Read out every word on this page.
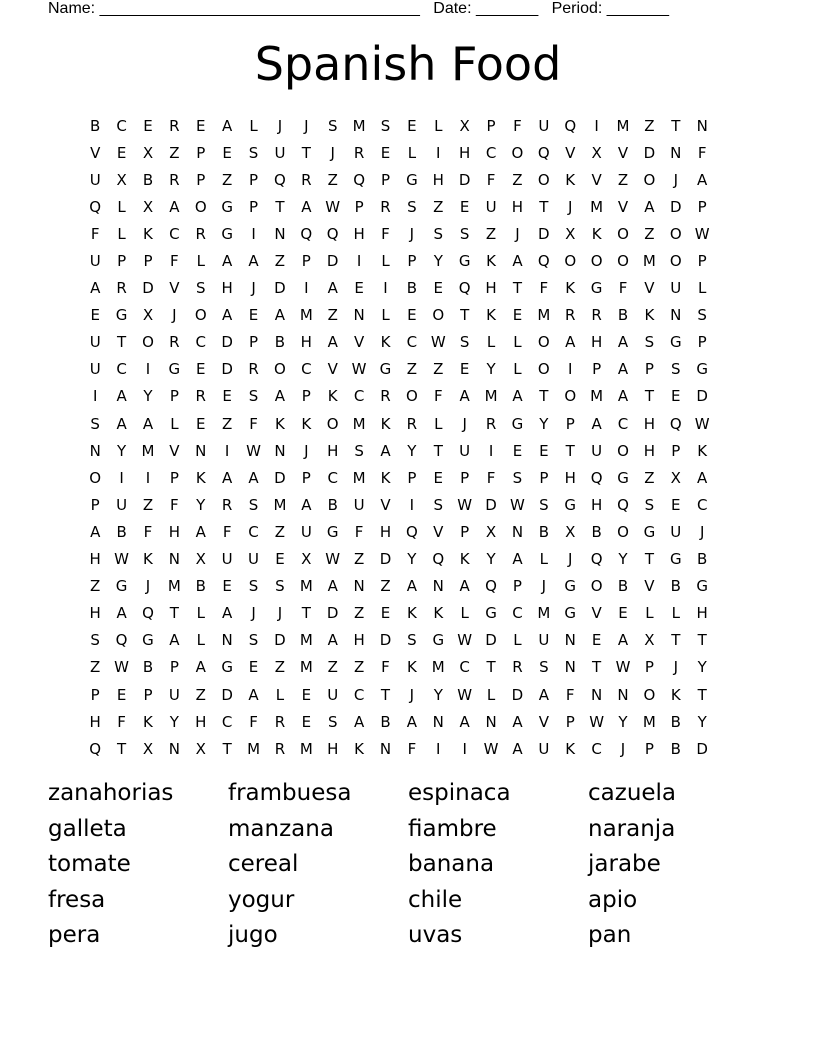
Name: ____________________________________ Date: _______ Period: _______
Spanish Food
B	C	E	R	E	A	L	J	J	S	M	S	E	L	X	P	F	U Q	I	M Z	T	N
V	E	X	Z	P	E	S	U	T	J	R	E	L	I	H	C	O Q	V	X	V	D	N	F
U	X	B	R	P	Z	P	Q	R	Z	Q	P	G H D	F	Z	O	K	V	Z	O	J	A
Q	L	X	A	O G	P	T	A W P	R	S	Z	E	U	H	T	J	M V	A	D	P
F	L	K	C	R	G	I	N Q Q H	F	J	S	S	Z	J	D	X	K	O	Z	O W
U	P	P	F	L	A	A	Z	P	D	I	L	P	Y	G	K	A	Q O O O M O	P
A	R	D	V	S	H	J	D	I	A	E	I	B	E	Q H	T	F	K	G	F	V	U	L
E	G	X	J	O	A	E	A M Z	N	L	E	O	T	K	E	M R	R	B	K	N	S
U	T	O	R	C	D	P	B	H	A	V	K	C W S	L	L	O	A	H	A	S	G	P
U	C	I	G	E	D	R	O	C	V W G	Z	Z	E	Y	L	O	I	P	A	P	S	G
I	A	Y	P	R	E	S	A	P	K	C	R	O	F	A M A	T	O M A	T	E	D
S	A	A	L	E	Z	F	K	K	O M K	R	L	J	R	G	Y	P	A	C	H Q W
N	Y	M V	N	I	W N	J	H	S	A	Y	T	U	I	E	E	T	U O H	P	K
O	I	I	P	K	A	A	D	P	C M K	P	E	P	F	S	P	H Q G	Z	X	A
P	U	Z	F	Y	R	S	M A	B	U	V	I	S W D W S	G H Q	S	E	C
A	B	F	H	A	F	C	Z	U	G	F	H Q	V	P	X	N	B	X	B	O G	U	J
H W K	N	X	U	U	E	X W Z	D	Y	Q	K	Y	A	L	J	Q	Y	T	G	B
Z	G	J	M B	E	S	S	M A	N	Z	A	N	A	Q	P	J	G O	B	V	B	G
H	A	Q	T	L	A	J	J	T	D	Z	E	K	K	L	G	C M G	V	E	L	L	H
S	Q G	A	L	N	S	D M A	H D	S	G W D	L	U	N	E	A	X	T	T
Z W B	P	A	G	E	Z M Z	Z	F	K	M C	T	R	S	N	T W P	J	Y
P	E	P	U	Z	D	A	L	E	U	C	T	J	Y W L	D	A	F	N	N O	K	T
H	F	K	Y	H	C	F	R	E	S	A	B	A	N	A	N	A	V	P W Y	M B	Y
Q	T	X	N	X	T	M R M H	K	N	F	I	I	W A	U	K	C	J	P	B	D
zanahorias	frambuesa	espinaca	cazuela
galleta	manzana	fiambre	naranja
tomate	cereal	banana	jarabe
fresa	yogur	chile	apio
pera	jugo	uvas	pan
